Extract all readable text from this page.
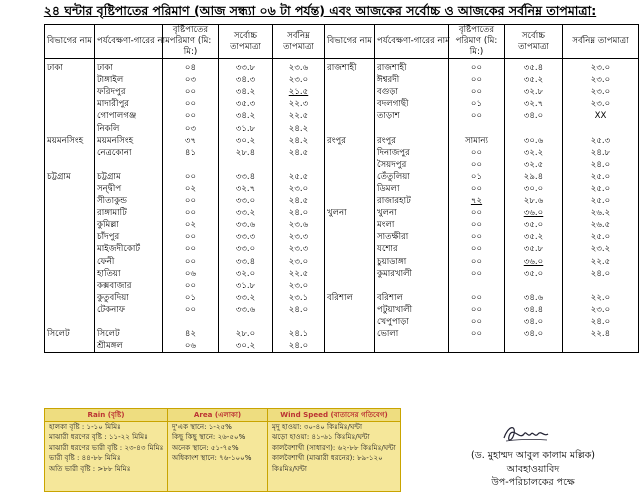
২৪ ঘন্টার বৃষ্টিপাতের পরিমাণ (আজ সন্ধ্যা ০৬ টা পর্যন্ত) এবং আজকের সর্বোচ্চ ও আজকের সর্বনিম্ন তাপমাত্রা:
বিভাগের নাম	পর্যবেক্ষণা-গারের নাম	বৃষ্টিপাতের পরিমাণ (মি: মি:)	সর্বোচ্চ তাপমাত্রা	সর্বনিম্ন তাপমাত্রা	বিভাগের নাম	পর্যবেক্ষণা-গারের নাম	বৃষ্টিপাতের পরিমাণ (মি: মি:)	সর্বোচ্চ তাপমাত্রা	সর্বনিম্ন তাপমাত্রা
ঢাকা	ঢাকা	০৪	৩৩.৮	২৩.৬	রাজশাহী	রাজশাহী	০০	৩৫.৪	২৩.০
	টাঙ্গাইল	০৩	৩৪.৩	২৩.০		ঈশ্বরদী	০০	৩৫.২	২৩.০
	ফরিদপুর	০০	৩৪.২	২১.৫		বগুড়া	০০	৩২.৮	২৩.০
	মাদারীপুর	০০	৩৫.৩	২২.৩		বদলগাছী	০১	৩২.৭	২৩.০
	গোপালগঞ্জ	০০	৩৪.২	২২.৫		তাড়াশ	০০	৩৪.০	XX
	নিকলি	০৩	৩১.৮	২৪.২					
ময়মনসিংহ	ময়মনসিংহ	৩৭	৩০.২	২৪.২	রংপুর	রংপুর	সামান্য	৩০.৬	২৫.৩
	নেত্রকোনা	৪১	২৮.৪	২৪.৫		দিনাজপুর	০০	৩২.২	২৪.৮
						সৈয়দপুর	০০	৩২.৫	২৪.০
চট্টগ্রাম	চট্টগ্রাম	০০	৩৩.৪	২৫.৫		তেঁতুলিয়া	০১	২৯.৪	২৫.০
	সন্দ্বীপ	০২	৩২.৭	২৩.০		ডিমলা	০০	৩০.০	২৫.০
	সীতাকুন্ড	০০	৩৩.০	২৪.৫		রাজারহাট	৭২	২৮.৬	২৫.০
	রাঙ্গামাটি	০০	৩৩.২	২৪.০	খুলনা	খুলনা	০০	৩৬.০	২৬.২
	কুমিল্লা	০২	৩৩.৬	২৩.৬		মংলা	০০	৩৫.০	২৬.৫
	চাঁদপুর	০০	৩৩.৩	২৩.৩		সাতক্ষীরা	০০	৩৫.২	২৫.০
	মাইজদীকোর্ট	০০	৩৩.০	২৩.৩		যশোর	০০	৩৫.৮	২৩.২
	ফেনী	০০	৩৩.৪	২৩.০		চুয়াডাঙ্গা	০০	৩৬.০	২২.৫
	হাতিয়া	০৬	৩২.০	২২.৫		কুমারখালী	০০	৩৫.০	২৪.০
	কক্সবাজার	০০	৩১.৮	২৩.০					
	কুতুবদিয়া	০১	৩৩.২	২৩.১	বরিশাল	বরিশাল	০০	৩৪.৬	২২.০
	টেকনাফ	০০	৩৩.৬	২৪.০		পটুয়াখালী	০০	৩৪.৪	২৩.০
						খেপুপাড়া	০০	৩৪.০	২৪.০
সিলেট	সিলেট	৪২	২৮.০	২৪.১		ভোলা	০০	৩৪.০	২২.৪
	শ্রীমঙ্গল	০৬	৩০.২	২৪.০					
Rain (বৃষ্টি)
হালকা বৃষ্টি : ১-১০ মিমিঃ
মাঝারী ধরণের বৃষ্টি : ১১-২২ মিমিঃ
মাঝারী ধরণের ভারী বৃষ্টি : ২৩-৪৩ মিমিঃ
ভারী বৃষ্টি : ৪৪-৮৮ মিমিঃ
অতি ভারী বৃষ্টি : >৮৮ মিমিঃ
Area (এলাকা)
দু'এক স্থানে: ১-২৫%
কিছু কিছু স্থানে: ২৬-৫০%
অনেক স্থানে: ৫১-৭৫%
অধিকাংশ স্থানে: ৭৬-১০০%
Wind Speed (বাতাসের গতিবেগ)
মৃদু হাওয়া: ৩০-৪০ কিঃমিঃ/ঘন্টা
ঝড়ো হাওয়া: ৪১-৬১ কিঃমিঃ/ঘন্টা
কালবৈশাখী (সাধারণ): ৬২-৮৮ কিঃমিঃ/ঘন্টা
কালবৈশাখী (মাঝারী ধরনের): ৮৯-১২০
কিঃমিঃ/ঘন্টা
(ড. মুহাম্মদ আবুল কালাম মল্লিক)
আবহাওয়াবিদ
উপ-পরিচালকের পক্ষে
